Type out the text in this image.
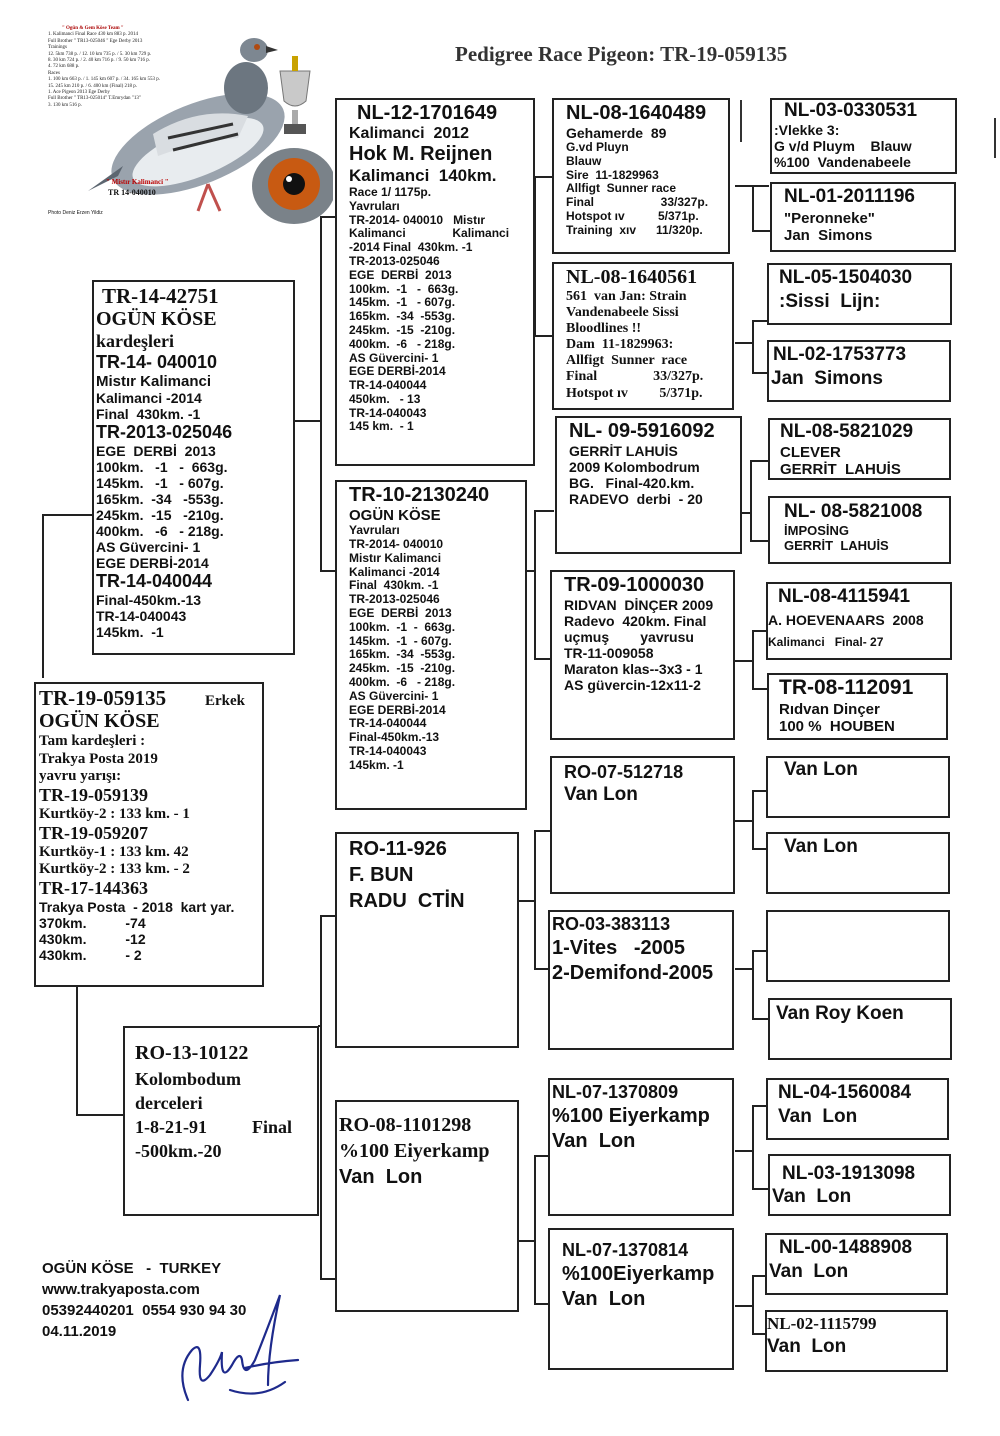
Pedigree Race Pigeon: TR-19-059135
" Ogün & Gem Köse Team "
1. Kalimanci Final Race 430 km 883 p. 2014
Full Brother " TR13-025046 " Ege Derby 2013
Trainings
12. 5km 738 p. / 12. 10 km 735 p. / 5. 30 km 729 p.
8. 30 km 724 p. / 2. 40 km 716 p. / 9. 50 km 716 p.
4. 72 km 688 p.
Races
1. 100 km 663 p. / 1. 145 km 607 p. / 34. 165 km 553 p.
15. 245 km 210 p. / 6. 400 km (Final) 218 p.
1. Ace Pigeon 2013 Ege Derby
Full Brother " TR13-025014" T.Emrydan "13"
3. 130 km 516 p.
" Mistır Kalimanci "
TR 14-040010
Photo Deniz Erzen Yildiz
TR-19-059135	Erkek
OGÜN KÖSE
Tam kardeşleri :
Trakya Posta 2019
yavru yarışı:
TR-19-059139
Kurtköy-2 : 133 km. - 1
TR-19-059207
Kurtköy-1 : 133 km. 42
Kurtköy-2 : 133 km. - 2
TR-17-144363
Trakya Posta  - 2018  kart yar.
370km.          -74
430km.          -12
430km.          - 2
TR-14-42751
OGÜN KÖSE
kardeşleri
TR-14- 040010
Mistır Kalimanci
Kalimanci -2014
Final  430km. -1
TR-2013-025046
EGE  DERBİ  2013
100km.   -1   -  663g.
145km.   -1   - 607g.
165km.  -34   -553g.
245km.  -15   -210g.
400km.   -6   - 218g.
AS Güvercini- 1
EGE DERBİ-2014
TR-14-040044
Final-450km.-13
TR-14-040043
145km.  -1
RO-13-10122
Kolombodum
derceleri
1-8-21-91          Final
-500km.-20
NL-12-1701649
Kalimanci  2012
Hok M. Reijnen
Kalimanci  140km.
Race 1/ 1175p.
Yavruları
TR-2014- 040010   Mistır
Kalimanci              Kalimanci
-2014 Final  430km. -1
TR-2013-025046
EGE  DERBİ  2013
100km.  -1   -  663g.
145km.  -1   - 607g.
165km.  -34  -553g.
245km.  -15  -210g.
400km.  -6   - 218g.
AS Güvercini- 1
EGE DERBİ-2014
TR-14-040044
450km.   - 13
TR-14-040043
145 km.  - 1
TR-10-2130240
OGÜN KÖSE
Yavruları
TR-2014- 040010
Mistır Kalimanci
Kalimanci -2014
Final  430km. -1
TR-2013-025046
EGE  DERBİ  2013
100km.  -1  -  663g.
145km.  -1  - 607g.
165km.  -34  -553g.
245km.  -15  -210g.
400km.  -6   - 218g.
AS Güvercini- 1
EGE DERBİ-2014
TR-14-040044
Final-450km.-13
TR-14-040043
145km. -1
RO-11-926
F. BUN
RADU  CTİN
RO-08-1101298
%100 Eiyerkamp
Van  Lon
NL-08-1640489
Gehamerde  89
G.vd Pluyn
Blauw
Sire  11-1829963
Allfigt  Sunner race
Final                    33/327p.
Hotspot ıv          5/371p.
Training  xıv      11/320p.
NL-08-1640561
561  van Jan: Strain
Vandenabeele Sissi
Bloodlines !!
Dam  11-1829963:
Allfigt  Sunner  race
Final                33/327p.
Hotspot ıv         5/371p.
NL- 09-5916092
GERRİT LAHUİS
2009 Kolombodrum
BG.   Final-420.km.
RADEVO  derbi  - 20
TR-09-1000030
RIDVAN  DİNÇER 2009
Radevo  420km. Final
uçmuş        yavrusu
TR-11-009058
Maraton klas--3x3 - 1
AS güvercin-12x11-2
RO-07-512718
Van Lon
RO-03-383113
1-Vites   -2005
2-Demifond-2005
NL-07-1370809
%100 Eiyerkamp
Van  Lon
NL-07-1370814
%100Eiyerkamp
Van  Lon
NL-03-0330531
:Vlekke 3:
G v/d Pluym    Blauw
%100  Vandenabeele
NL-01-2011196
"Peronneke"
Jan  Simons
NL-05-1504030
:Sissi  Lijn:
NL-02-1753773
Jan  Simons
NL-08-5821029
CLEVER
GERRİT  LAHUİS
NL- 08-5821008
İMPOSİNG
GERRİT  LAHUİS
NL-08-4115941
A. HOEVENAARS  2008
Kalimanci   Final- 27
TR-08-112091
Rıdvan Dinçer
100 %  HOUBEN
Van Lon
Van Lon
Van Roy Koen
NL-04-1560084
Van  Lon
NL-03-1913098
Van  Lon
NL-00-1488908
Van  Lon
NL-02-1115799
Van  Lon
OGÜN KÖSE   -  TURKEY
www.trakyaposta.com
05392440201  0554 930 94 30
04.11.2019
